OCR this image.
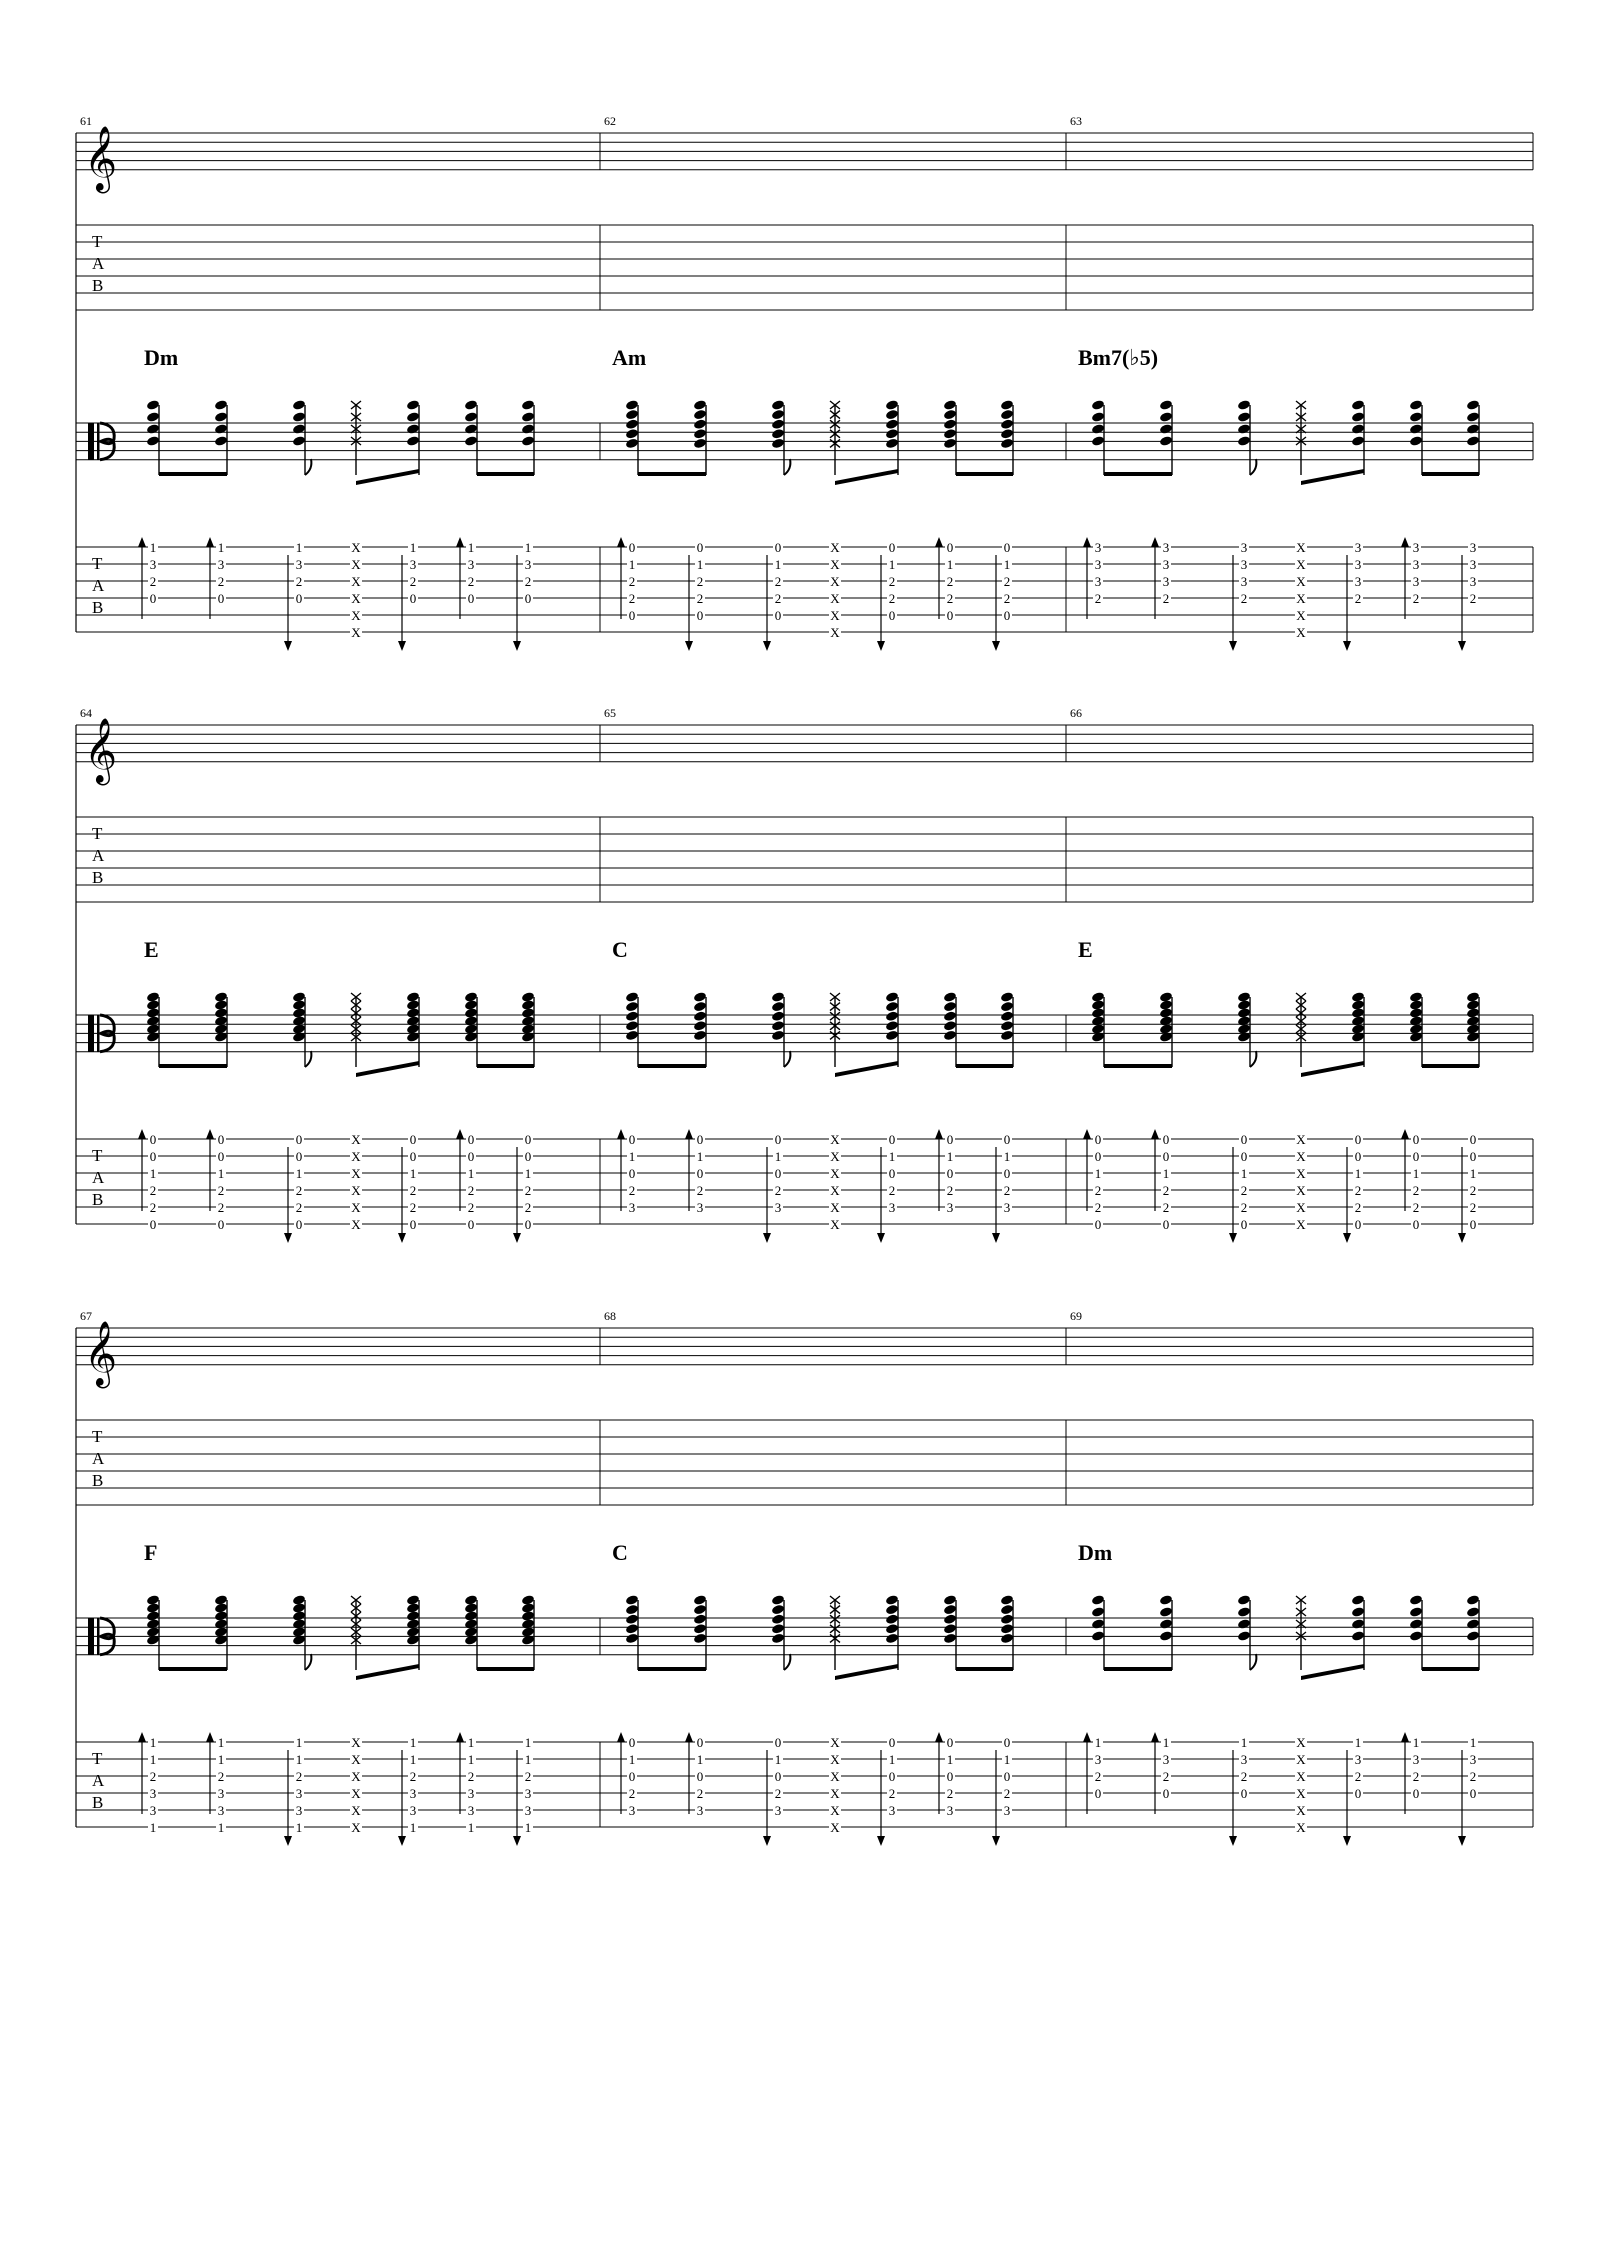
𝄞
T
A
B
T
A
B
61
Dm
1
3
2
0
1
3
2
0
1
3
2
0
X
X
X
X
X
X
1
3
2
0
1
3
2
0
1
3
2
0
62
Am
0
1
2
2
0
0
1
2
2
0
0
1
2
2
0
X
X
X
X
X
X
0
1
2
2
0
0
1
2
2
0
0
1
2
2
0
63
Bm7(♭5)
3
3
3
2
3
3
3
2
3
3
3
2
X
X
X
X
X
X
3
3
3
2
3
3
3
2
3
3
3
2
𝄞
T
A
B
T
A
B
64
E
0
0
1
2
2
0
0
0
1
2
2
0
0
0
1
2
2
0
X
X
X
X
X
X
0
0
1
2
2
0
0
0
1
2
2
0
0
0
1
2
2
0
65
C
0
1
0
2
3
0
1
0
2
3
0
1
0
2
3
X
X
X
X
X
X
0
1
0
2
3
0
1
0
2
3
0
1
0
2
3
66
E
0
0
1
2
2
0
0
0
1
2
2
0
0
0
1
2
2
0
X
X
X
X
X
X
0
0
1
2
2
0
0
0
1
2
2
0
0
0
1
2
2
0
𝄞
T
A
B
T
A
B
67
F
1
1
2
3
3
1
1
1
2
3
3
1
1
1
2
3
3
1
X
X
X
X
X
X
1
1
2
3
3
1
1
1
2
3
3
1
1
1
2
3
3
1
68
C
0
1
0
2
3
0
1
0
2
3
0
1
0
2
3
X
X
X
X
X
X
0
1
0
2
3
0
1
0
2
3
0
1
0
2
3
69
Dm
1
3
2
0
1
3
2
0
1
3
2
0
X
X
X
X
X
X
1
3
2
0
1
3
2
0
1
3
2
0
